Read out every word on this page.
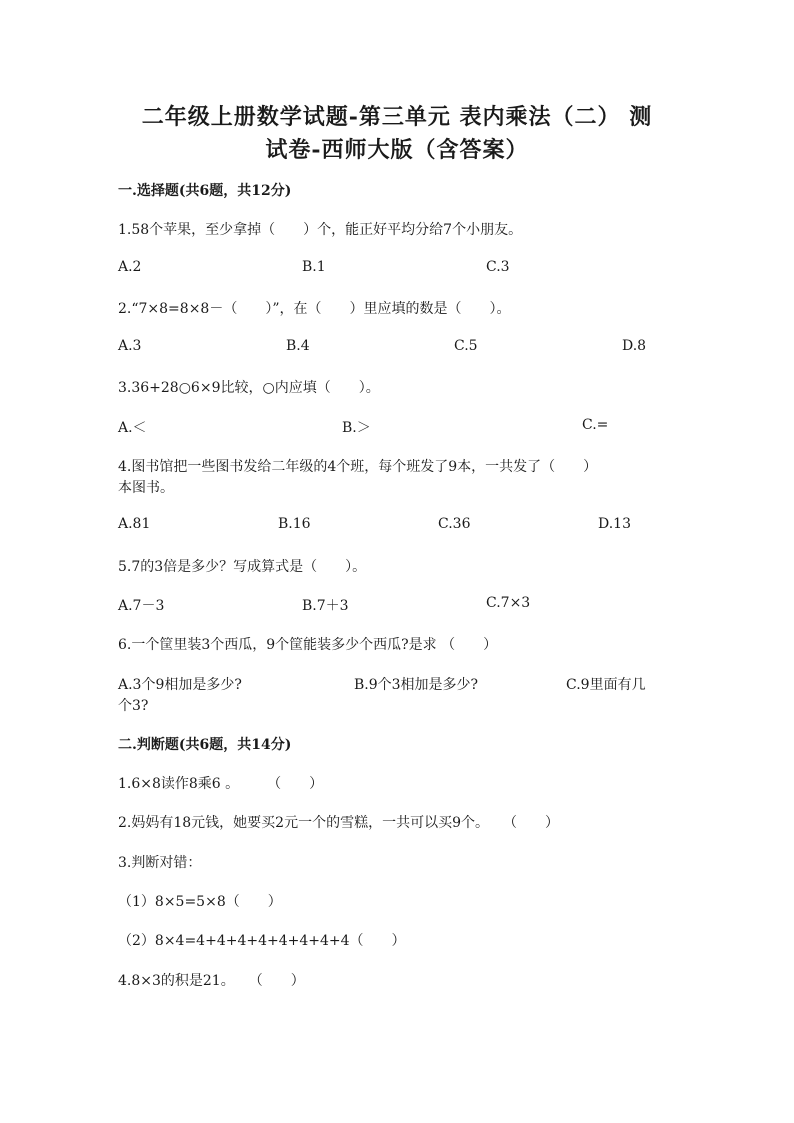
二年级上册数学试题-第三单元 表内乘法（二） 测
试卷-西师大版（含答案）
一.选择题(共6题，共12分)
1.58个苹果，至少拿掉（　　）个，能正好平均分给7个小朋友。
A.2	B.1	C.3
2.“7×8=8×8－（　　）”，在（　　）里应填的数是（　　）。
A.3	B.4	C.5	D.8
3.36+28○6×9比较，○内应填（　　）。
A.＜	B.＞	C.=
4.图书馆把一些图书发给二年级的4个班，每个班发了9本，一共发了（　　）
本图书。
A.81	B.16	C.36	D.13
5.7的3倍是多少？写成算式是（　　）。
A.7－3	B.7＋3	C.7×3
6.一个筐里装3个西瓜，9个筐能装多少个西瓜?是求 （　　）
A.3个9相加是多少?	B.9个3相加是多少?	C.9里面有几
个3?
二.判断题(共6题，共14分)
1.6×8读作8乘6 。　　　（　　）
2.妈妈有18元钱，她要买2元一个的雪糕，一共可以买9个。　　（　　）
3.判断对错：
（1）8×5=5×8（　　）
（2）8×4=4+4+4+4+4+4+4+4（　　）
4.8×3的积是21。　　（　　）
